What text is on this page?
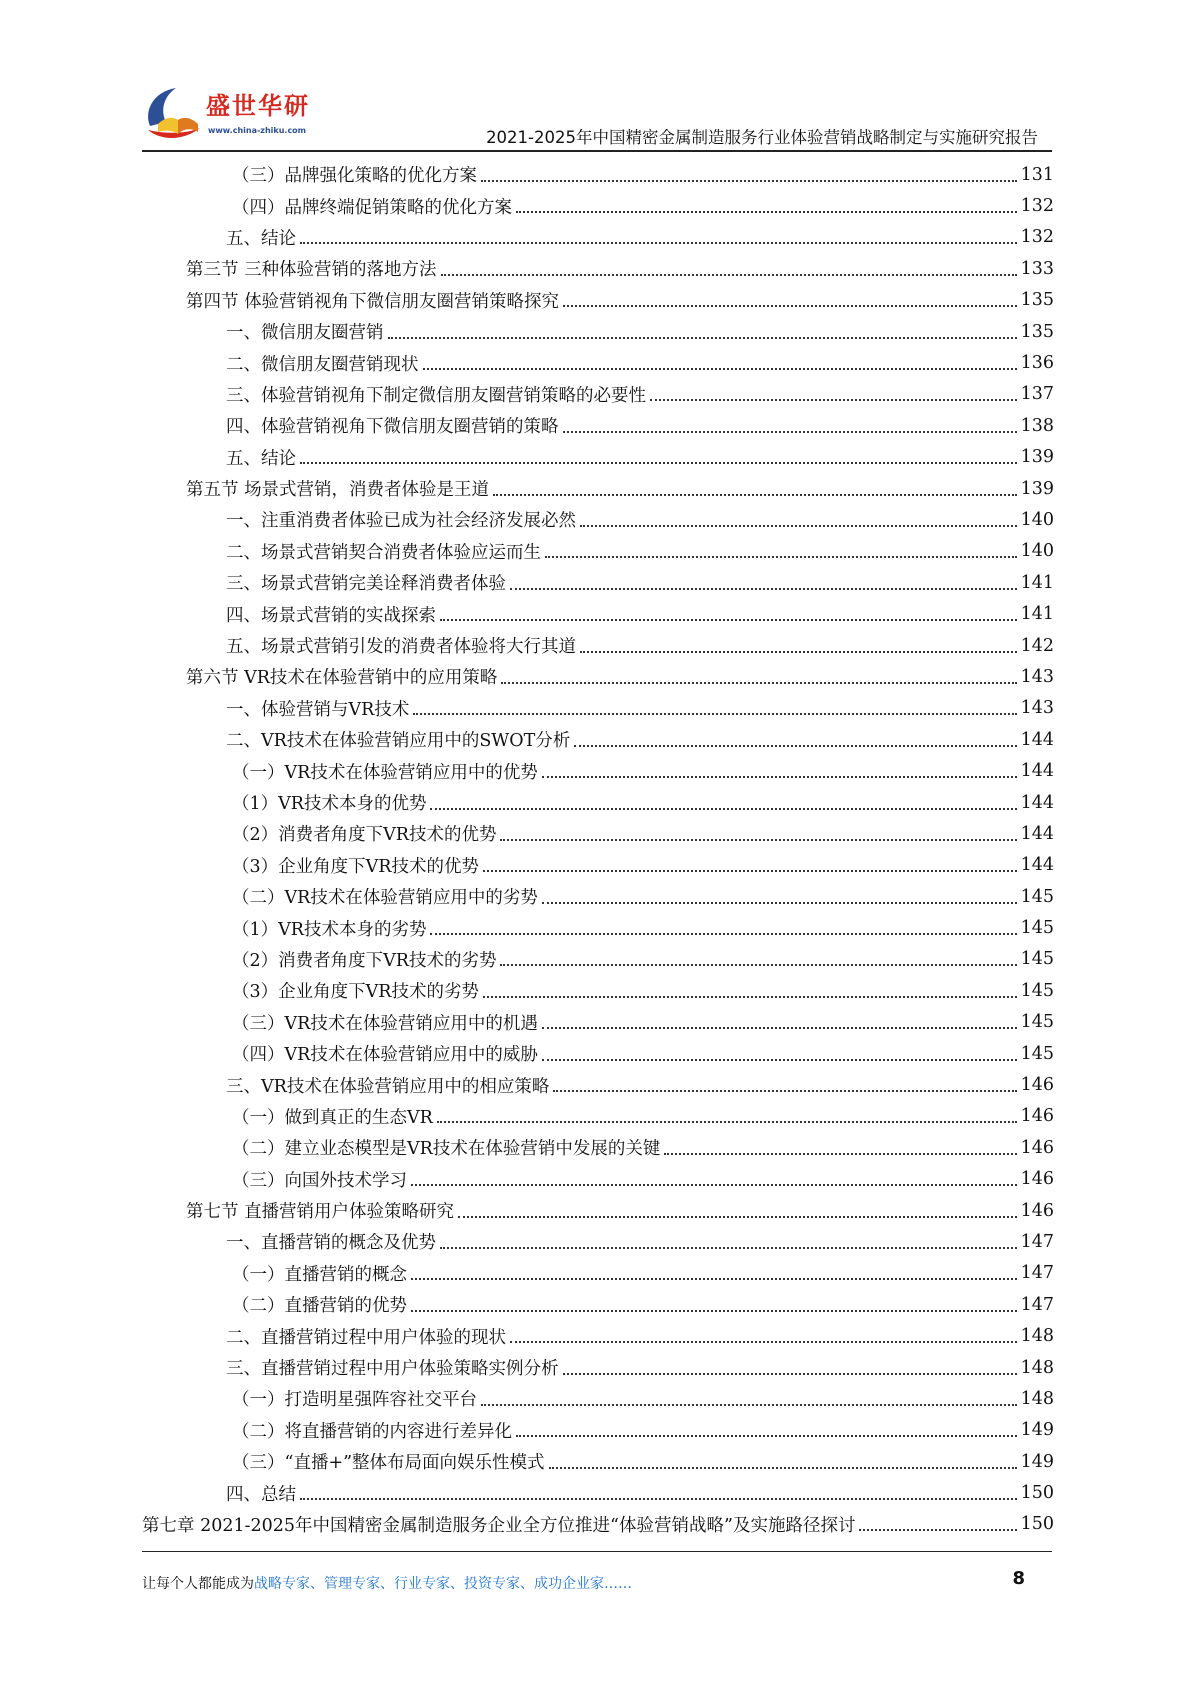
盛世华研
www.china-zhiku.com	2021-2025年中国精密金属制造服务行业体验营销战略制定与实施研究报告
（三）品牌强化策略的优化方案	131
（四）品牌终端促销策略的优化方案	132
五、结论	132
第三节 三种体验营销的落地方法	133
第四节 体验营销视角下微信朋友圈营销策略探究	135
一、微信朋友圈营销	135
二、微信朋友圈营销现状	136
三、体验营销视角下制定微信朋友圈营销策略的必要性	137
四、体验营销视角下微信朋友圈营销的策略	138
五、结论	139
第五节 场景式营销，消费者体验是王道	139
一、注重消费者体验已成为社会经济发展必然	140
二、场景式营销契合消费者体验应运而生	140
三、场景式营销完美诠释消费者体验	141
四、场景式营销的实战探索	141
五、场景式营销引发的消费者体验将大行其道	142
第六节 VR技术在体验营销中的应用策略	143
一、体验营销与VR技术	143
二、VR技术在体验营销应用中的SWOT分析	144
（一）VR技术在体验营销应用中的优势	144
（1）VR技术本身的优势	144
（2）消费者角度下VR技术的优势	144
（3）企业角度下VR技术的优势	144
（二）VR技术在体验营销应用中的劣势	145
（1）VR技术本身的劣势	145
（2）消费者角度下VR技术的劣势	145
（3）企业角度下VR技术的劣势	145
（三）VR技术在体验营销应用中的机遇	145
（四）VR技术在体验营销应用中的威胁	145
三、VR技术在体验营销应用中的相应策略	146
（一）做到真正的生态VR	146
（二）建立业态模型是VR技术在体验营销中发展的关键	146
（三）向国外技术学习	146
第七节 直播营销用户体验策略研究	146
一、直播营销的概念及优势	147
（一）直播营销的概念	147
（二）直播营销的优势	147
二、直播营销过程中用户体验的现状	148
三、直播营销过程中用户体验策略实例分析	148
（一）打造明星强阵容社交平台	148
（二）将直播营销的内容进行差异化	149
（三）“直播+”整体布局面向娱乐性模式	149
四、总结	150
第七章 2021-2025年中国精密金属制造服务企业全方位推进“体验营销战略”及实施路径探讨	150
让每个人都能成为战略专家、管理专家、行业专家、投资专家、成功企业家……	8
